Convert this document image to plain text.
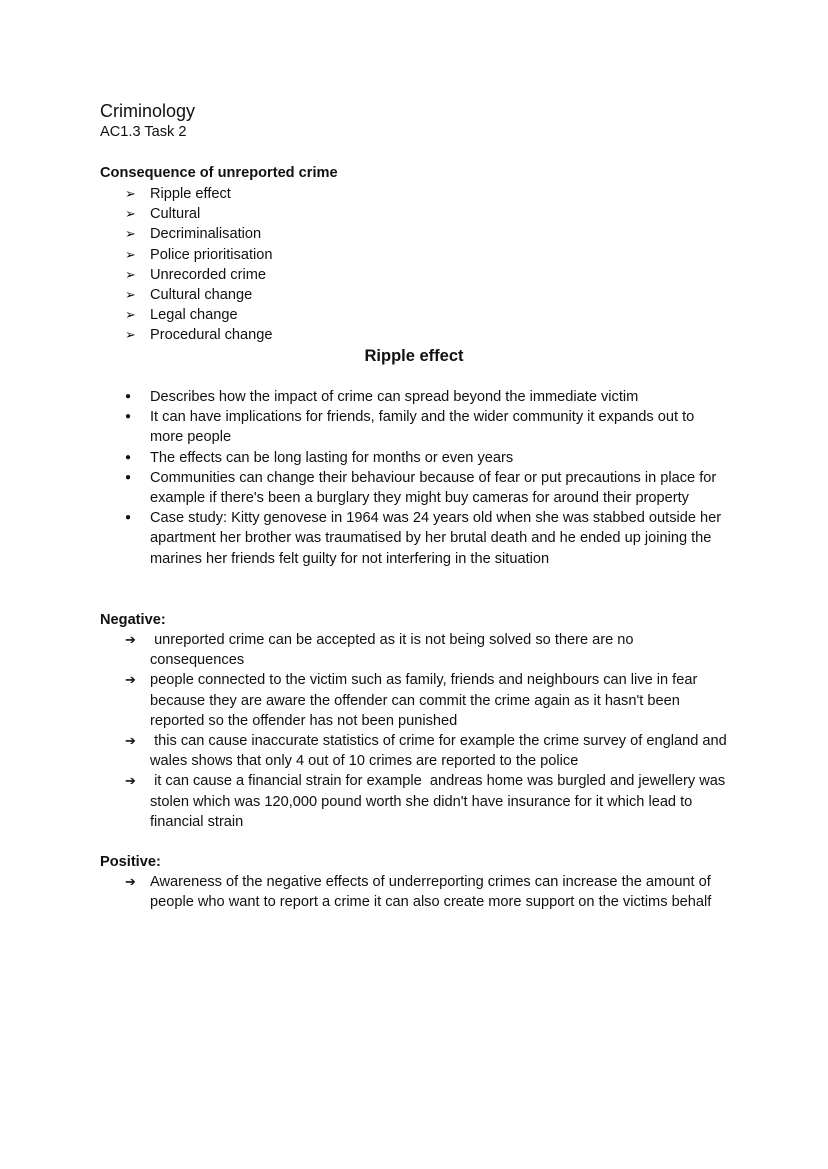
Criminology
AC1.3 Task 2
Consequence of unreported crime
➢ Ripple effect
➢ Cultural
➢ Decriminalisation
➢ Police prioritisation
➢ Unrecorded crime
➢ Cultural change
➢ Legal change
➢ Procedural change
Ripple effect
●	Describes how the impact of crime can spread beyond the immediate victim
●	It can have implications for friends, family and the wider community it expands out to more people
●	The effects can be long lasting for months or even years
●	Communities can change their behaviour because of fear or put precautions in place for example if there's been a burglary they might buy cameras for around their property
●	Case study: Kitty genovese in 1964 was 24 years old when she was stabbed outside her apartment her brother was traumatised by her brutal death and he ended up joining the marines her friends felt guilty for not interfering in the situation
Negative:
➔ unreported crime can be accepted as it is not being solved so there are no consequences
➔ people connected to the victim such as family, friends and neighbours can live in fear because they are aware the offender can commit the crime again as it hasn't been reported so the offender has not been punished
➔ this can cause inaccurate statistics of crime for example the crime survey of england and wales shows that only 4 out of 10 crimes are reported to the police
➔ it can cause a financial strain for example  andreas home was burgled and jewellery was stolen which was 120,000 pound worth she didn't have insurance for it which lead to financial strain
Positive:
➔ Awareness of the negative effects of underreporting crimes can increase the amount of people who want to report a crime it can also create more support on the victims behalf
